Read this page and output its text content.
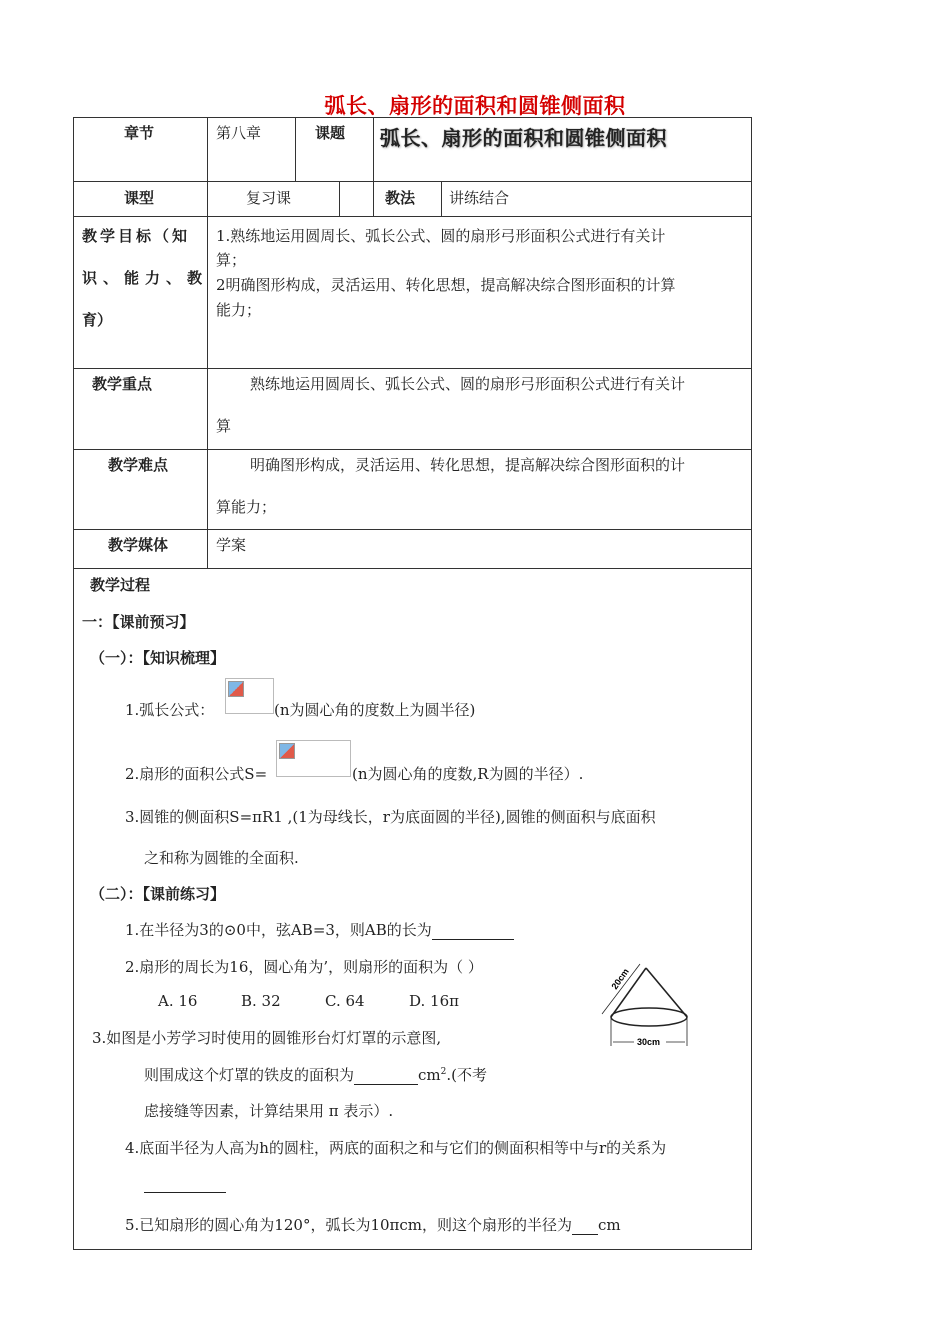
弧长、扇形的面积和圆锥侧面积
章节	第八章	课题 弧长、扇形的面积和圆锥侧面积
课型	复习课	教法 讲练结合
教学目标（知
识、能力、教
育）
1.熟练地运用圆周长、弧长公式、圆的扇形弓形面积公式进行有关计
算；
2明确图形构成，灵活运用、转化思想，提高解决综合图形面积的计算
能力；
教学重点	熟练地运用圆周长、弧长公式、圆的扇形弓形面积公式进行有关计
算
教学难点	明确图形构成，灵活运用、转化思想，提高解决综合图形面积的计
算能力；
教学媒体	学案
教学过程
一：【课前预习】
（一）：【知识梳理】
1.弧长公式：	(n为圆心角的度数上为圆半径)
2.扇形的面积公式S=	(n为圆心角的度数,R为圆的半径）.
3.圆锥的侧面积S=πR1 ,(1为母线长，r为底面圆的半径),圆锥的侧面积与底面积
之和称为圆锥的全面积.
（二）：【课前练习】
1.在半径为3的⊙0中，弦AB=3，则AB的长为
2.扇形的周长为16，圆心角为’，则扇形的面积为（ ）
A. 16	B. 32	C. 64	D. 16π
20cm
30cm
3.如图是小芳学习时使用的圆锥形台灯灯罩的示意图,
则围成这个灯罩的铁皮的面积为	$cm^2$.(不考
虑接缝等因素，计算结果用 π 表示）.
4.底面半径为人高为h的圆柱，两底的面积之和与它们的侧面积相等中与r的关系为
5.已知扇形的圆心角为120°，弧长为10πcm，则这个扇形的半径为 cm
